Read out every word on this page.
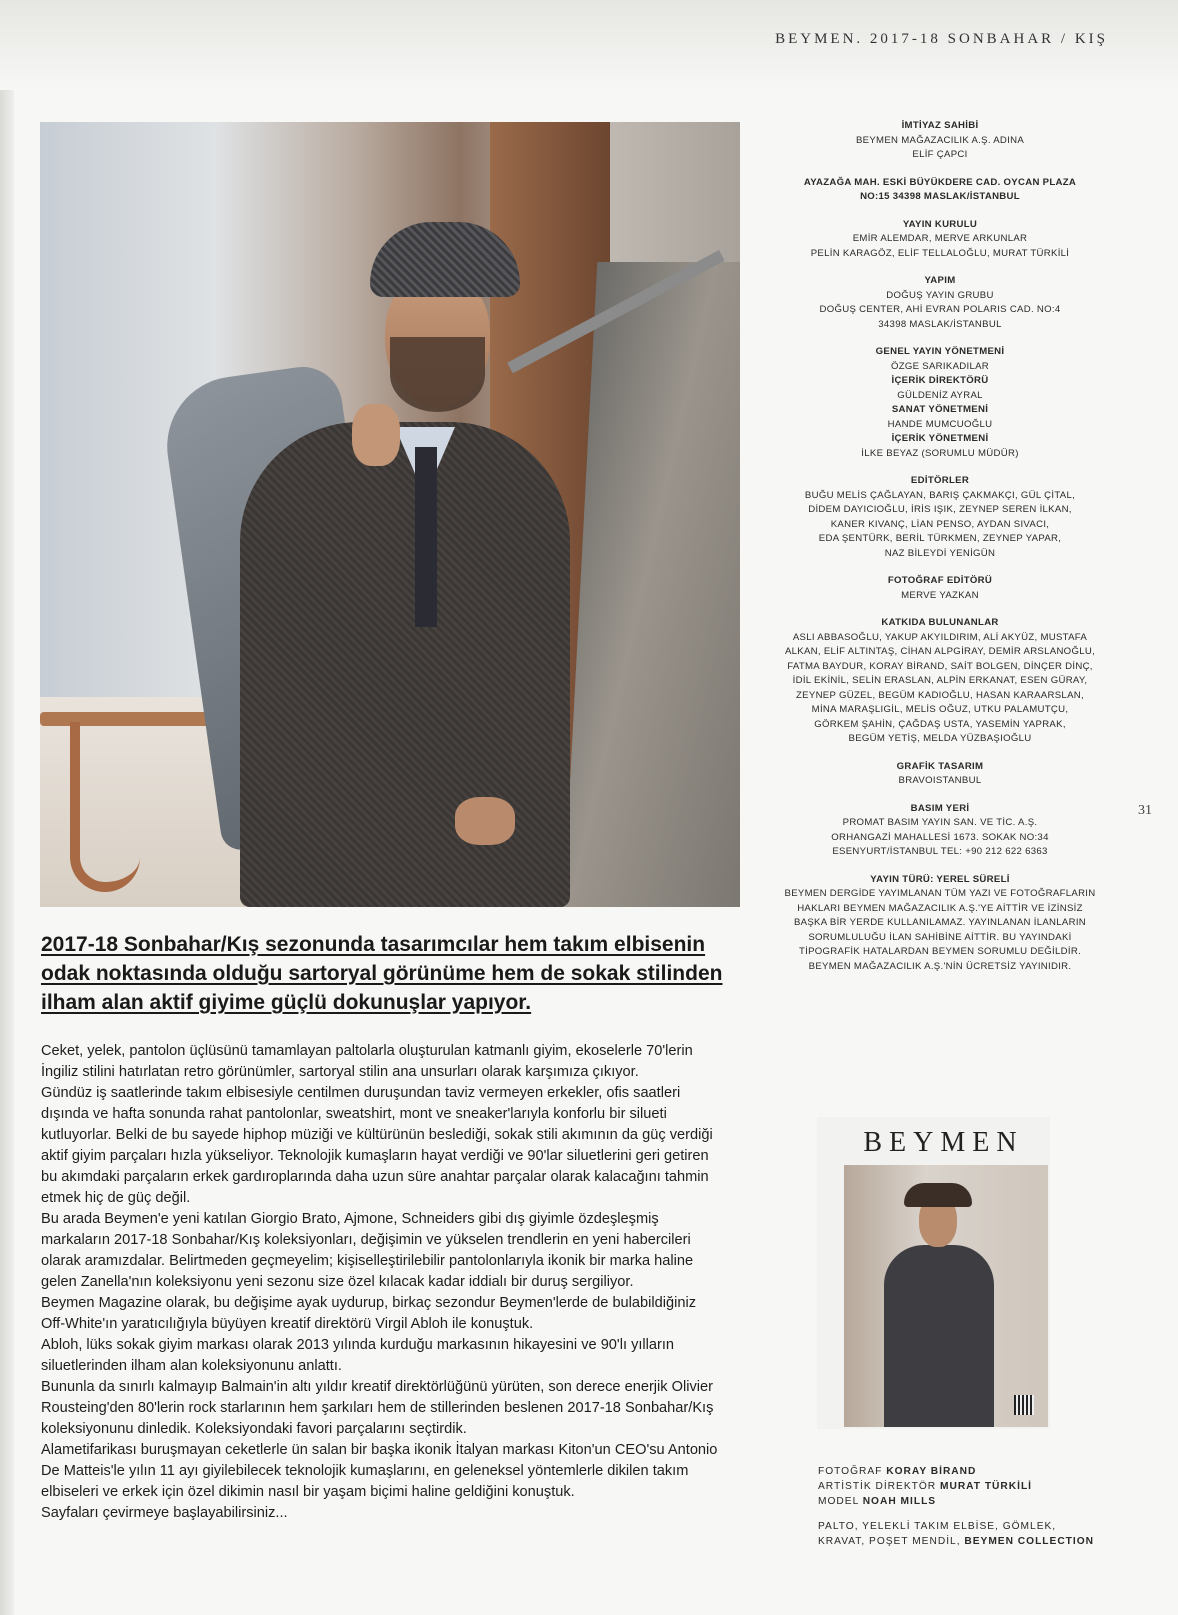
BEYMEN. 2017-18 SONBAHAR / KIŞ
2017-18 Sonbahar/Kış sezonunda tasarımcılar hem takım elbisenin odak noktasında olduğu sartoryal görünüme hem de sokak stilinden ilham alan aktif giyime güçlü dokunuşlar yapıyor.

Ceket, yelek, pantolon üçlüsünü tamamlayan paltolarla oluşturulan katmanlı giyim, ekoselerle 70'lerin İngiliz stilini hatırlatan retro görünümler, sartoryal stilin ana unsurları olarak karşımıza çıkıyor.

Gündüz iş saatlerinde takım elbisesiyle centilmen duruşundan taviz vermeyen erkekler, ofis saatleri dışında ve hafta sonunda rahat pantolonlar, sweatshirt, mont ve sneaker'larıyla konforlu bir silueti kutluyorlar. Belki de bu sayede hiphop müziği ve kültürünün beslediği, sokak stili akımının da güç verdiği aktif giyim parçaları hızla yükseliyor. Teknolojik kumaşların hayat verdiği ve 90'lar siluetlerini geri getiren bu akımdaki parçaların erkek gardıroplarında daha uzun süre anahtar parçalar olarak kalacağını tahmin etmek hiç de güç değil.

Bu arada Beymen'e yeni katılan Giorgio Brato, Ajmone, Schneiders gibi dış giyimle özdeşleşmiş markaların 2017-18 Sonbahar/Kış koleksiyonları, değişimin ve yükselen trendlerin en yeni habercileri olarak aramızdalar. Belirtmeden geçmeyelim; kişiselleştirilebilir pantolonlarıyla ikonik bir marka haline gelen Zanella'nın koleksiyonu yeni sezonu size özel kılacak kadar iddialı bir duruş sergiliyor.

Beymen Magazine olarak, bu değişime ayak uydurup, birkaç sezondur Beymen'lerde de bulabildiğiniz Off-White'ın yaratıcılığıyla büyüyen kreatif direktörü Virgil Abloh ile konuştuk.

Abloh, lüks sokak giyim markası olarak 2013 yılında kurduğu markasının hikayesini ve 90'lı yılların siluetlerinden ilham alan koleksiyonunu anlattı.

Bununla da sınırlı kalmayıp Balmain'in altı yıldır kreatif direktörlüğünü yürüten, son derece enerjik Olivier Rousteing'den 80'lerin rock starlarının hem şarkıları hem de stillerinden beslenen 2017-18 Sonbahar/Kış koleksiyonunu dinledik. Koleksiyondaki favori parçalarını seçtirdik.

Alametifarikası buruşmayan ceketlerle ün salan bir başka ikonik İtalyan markası Kiton'un CEO'su Antonio De Matteis'le yılın 11 ayı giyilebilecek teknolojik kumaşlarını, en geleneksel yöntemlerle dikilen takım elbiseleri ve erkek için özel dikimin nasıl bir yaşam biçimi haline geldiğini konuştuk.

Sayfaları çevirmeye başlayabilirsiniz...

İMTİYAZ SAHİBİ
BEYMEN MAĞAZACILIK A.Ş. ADINA
ELİF ÇAPCI
AYAZAĞA MAH. ESKİ BÜYÜKDERE CAD. OYCAN PLAZA
NO:15 34398 MASLAK/İSTANBUL
YAYIN KURULU
EMİR ALEMDAR, MERVE ARKUNLAR
PELİN KARAGÖZ, ELİF TELLALOĞLU, MURAT TÜRKİLİ
YAPIM
DOĞUŞ YAYIN GRUBU
DOĞUŞ CENTER, AHİ EVRAN POLARIS CAD. NO:4
34398 MASLAK/İSTANBUL
GENEL YAYIN YÖNETMENİ
ÖZGE SARIKADILAR
İÇERİK DİREKTÖRÜ
GÜLDENİZ AYRAL
SANAT YÖNETMENİ
HANDE MUMCUOĞLU
İÇERİK YÖNETMENİ
İLKE BEYAZ (SORUMLU MÜDÜR)
EDİTÖRLER
BUĞU MELİS ÇAĞLAYAN, BARIŞ ÇAKMAKÇI, GÜL ÇİTAL,
DİDEM DAYICIOĞLU, İRİS IŞIK, ZEYNEP SEREN İLKAN,
KANER KIVANÇ, LİAN PENSO, AYDAN SIVACI,
EDA ŞENTÜRK, BERİL TÜRKMEN, ZEYNEP YAPAR,
NAZ BİLEYDİ YENİGÜN
FOTOĞRAF EDİTÖRÜ
MERVE YAZKAN
KATKIDA BULUNANLAR
ASLI ABBASOĞLU, YAKUP AKYILDIRIM, ALİ AKYÜZ, MUSTAFA
ALKAN, ELİF ALTINTAŞ, CİHAN ALPGİRAY, DEMİR ARSLANOĞLU,
FATMA BAYDUR, KORAY BİRAND, SAİT BOLGEN, DİNÇER DİNÇ,
İDİL EKİNİL, SELİN ERASLAN, ALPİN ERKANAT, ESEN GÜRAY,
ZEYNEP GÜZEL, BEGÜM KADIOĞLU, HASAN KARAARSLAN,
MİNA MARAŞLIGİL, MELİS OĞUZ, UTKU PALAMUTÇU,
GÖRKEM ŞAHİN, ÇAĞDAŞ USTA, YASEMİN YAPRAK,
BEGÜM YETİŞ, MELDA YÜZBAŞIOĞLU
GRAFİK TASARIM
BRAVOISTANBUL
BASIM YERİ
PROMAT BASIM YAYIN SAN. VE TİC. A.Ş.
ORHANGAZİ MAHALLESİ 1673. SOKAK NO:34
ESENYURT/İSTANBUL TEL: +90 212 622 6363
YAYIN TÜRÜ: YEREL SÜRELİ
BEYMEN DERGİDE YAYIMLANAN TÜM YAZI VE FOTOĞRAFLARIN
HAKLARI BEYMEN MAĞAZACILIK A.Ş.'YE AİTTİR VE İZİNSİZ
BAŞKA BİR YERDE KULLANILAMAZ. YAYINLANAN İLANLARIN
SORUMLULUĞU İLAN SAHİBİNE AİTTİR. BU YAYINDAKİ
TİPOGRAFİK HATALARDAN BEYMEN SORUMLU DEĞİLDİR.
BEYMEN MAĞAZACILIK A.Ş.'NİN ÜCRETSİZ YAYINIDIR.
31
BEYMEN
FOTOĞRAF KORAY BİRAND
ARTİSTİK DİREKTÖR MURAT TÜRKİLİ
MODEL NOAH MILLS
PALTO, YELEKLİ TAKIM ELBİSE, GÖMLEK,
KRAVAT, POŞET MENDİL, BEYMEN COLLECTION
